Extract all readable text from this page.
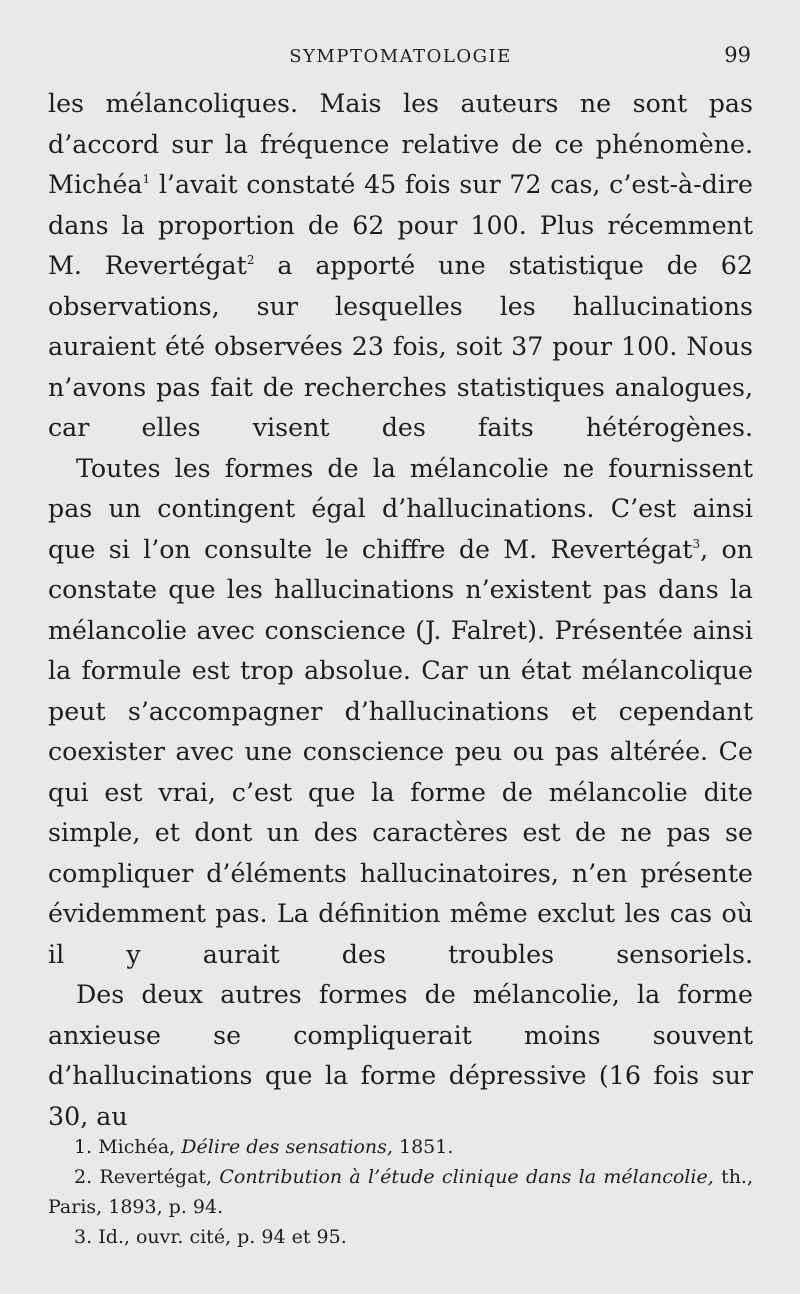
SYMPTOMATOLOGIE	99

les mélancoliques. Mais les auteurs ne sont pas d’accord sur la fréquence relative de ce phénomène. Michéa$^1$ l’avait constaté 45 fois sur 72 cas, c’est-à-dire dans la proportion de 62 pour 100. Plus récemment M. Revertégat$^2$ a apporté une statistique de 62 observations, sur lesquelles les hallucinations auraient été observées 23 fois, soit 37 pour 100. Nous n’avons pas fait de recherches statistiques analogues, car elles visent des faits hétérogènes.

Toutes les formes de la mélancolie ne fournissent pas un contingent égal d’hallucinations. C’est ainsi que si l’on consulte le chiffre de M. Revertégat$^3$, on constate que les hallucinations n’existent pas dans la mélancolie avec conscience (J. Falret). Présentée ainsi la formule est trop absolue. Car un état mélancolique peut s’accompagner d’hallucinations et cependant coexister avec une conscience peu ou pas altérée. Ce qui est vrai, c’est que la forme de mélancolie dite simple, et dont un des caractères est de ne pas se compliquer d’éléments hallucinatoires, n’en présente évidemment pas. La définition même exclut les cas où il y aurait des troubles sensoriels.

Des deux autres formes de mélancolie, la forme anxieuse se compliquerait moins souvent d’hallucinations que la forme dépressive (16 fois sur 30, au

1. Michéa, Délire des sensations, 1851.

2. Revertégat, Contribution à l’étude clinique dans la mélancolie, th., Paris, 1893, p. 94.

3. Id., ouvr. cité, p. 94 et 95.
